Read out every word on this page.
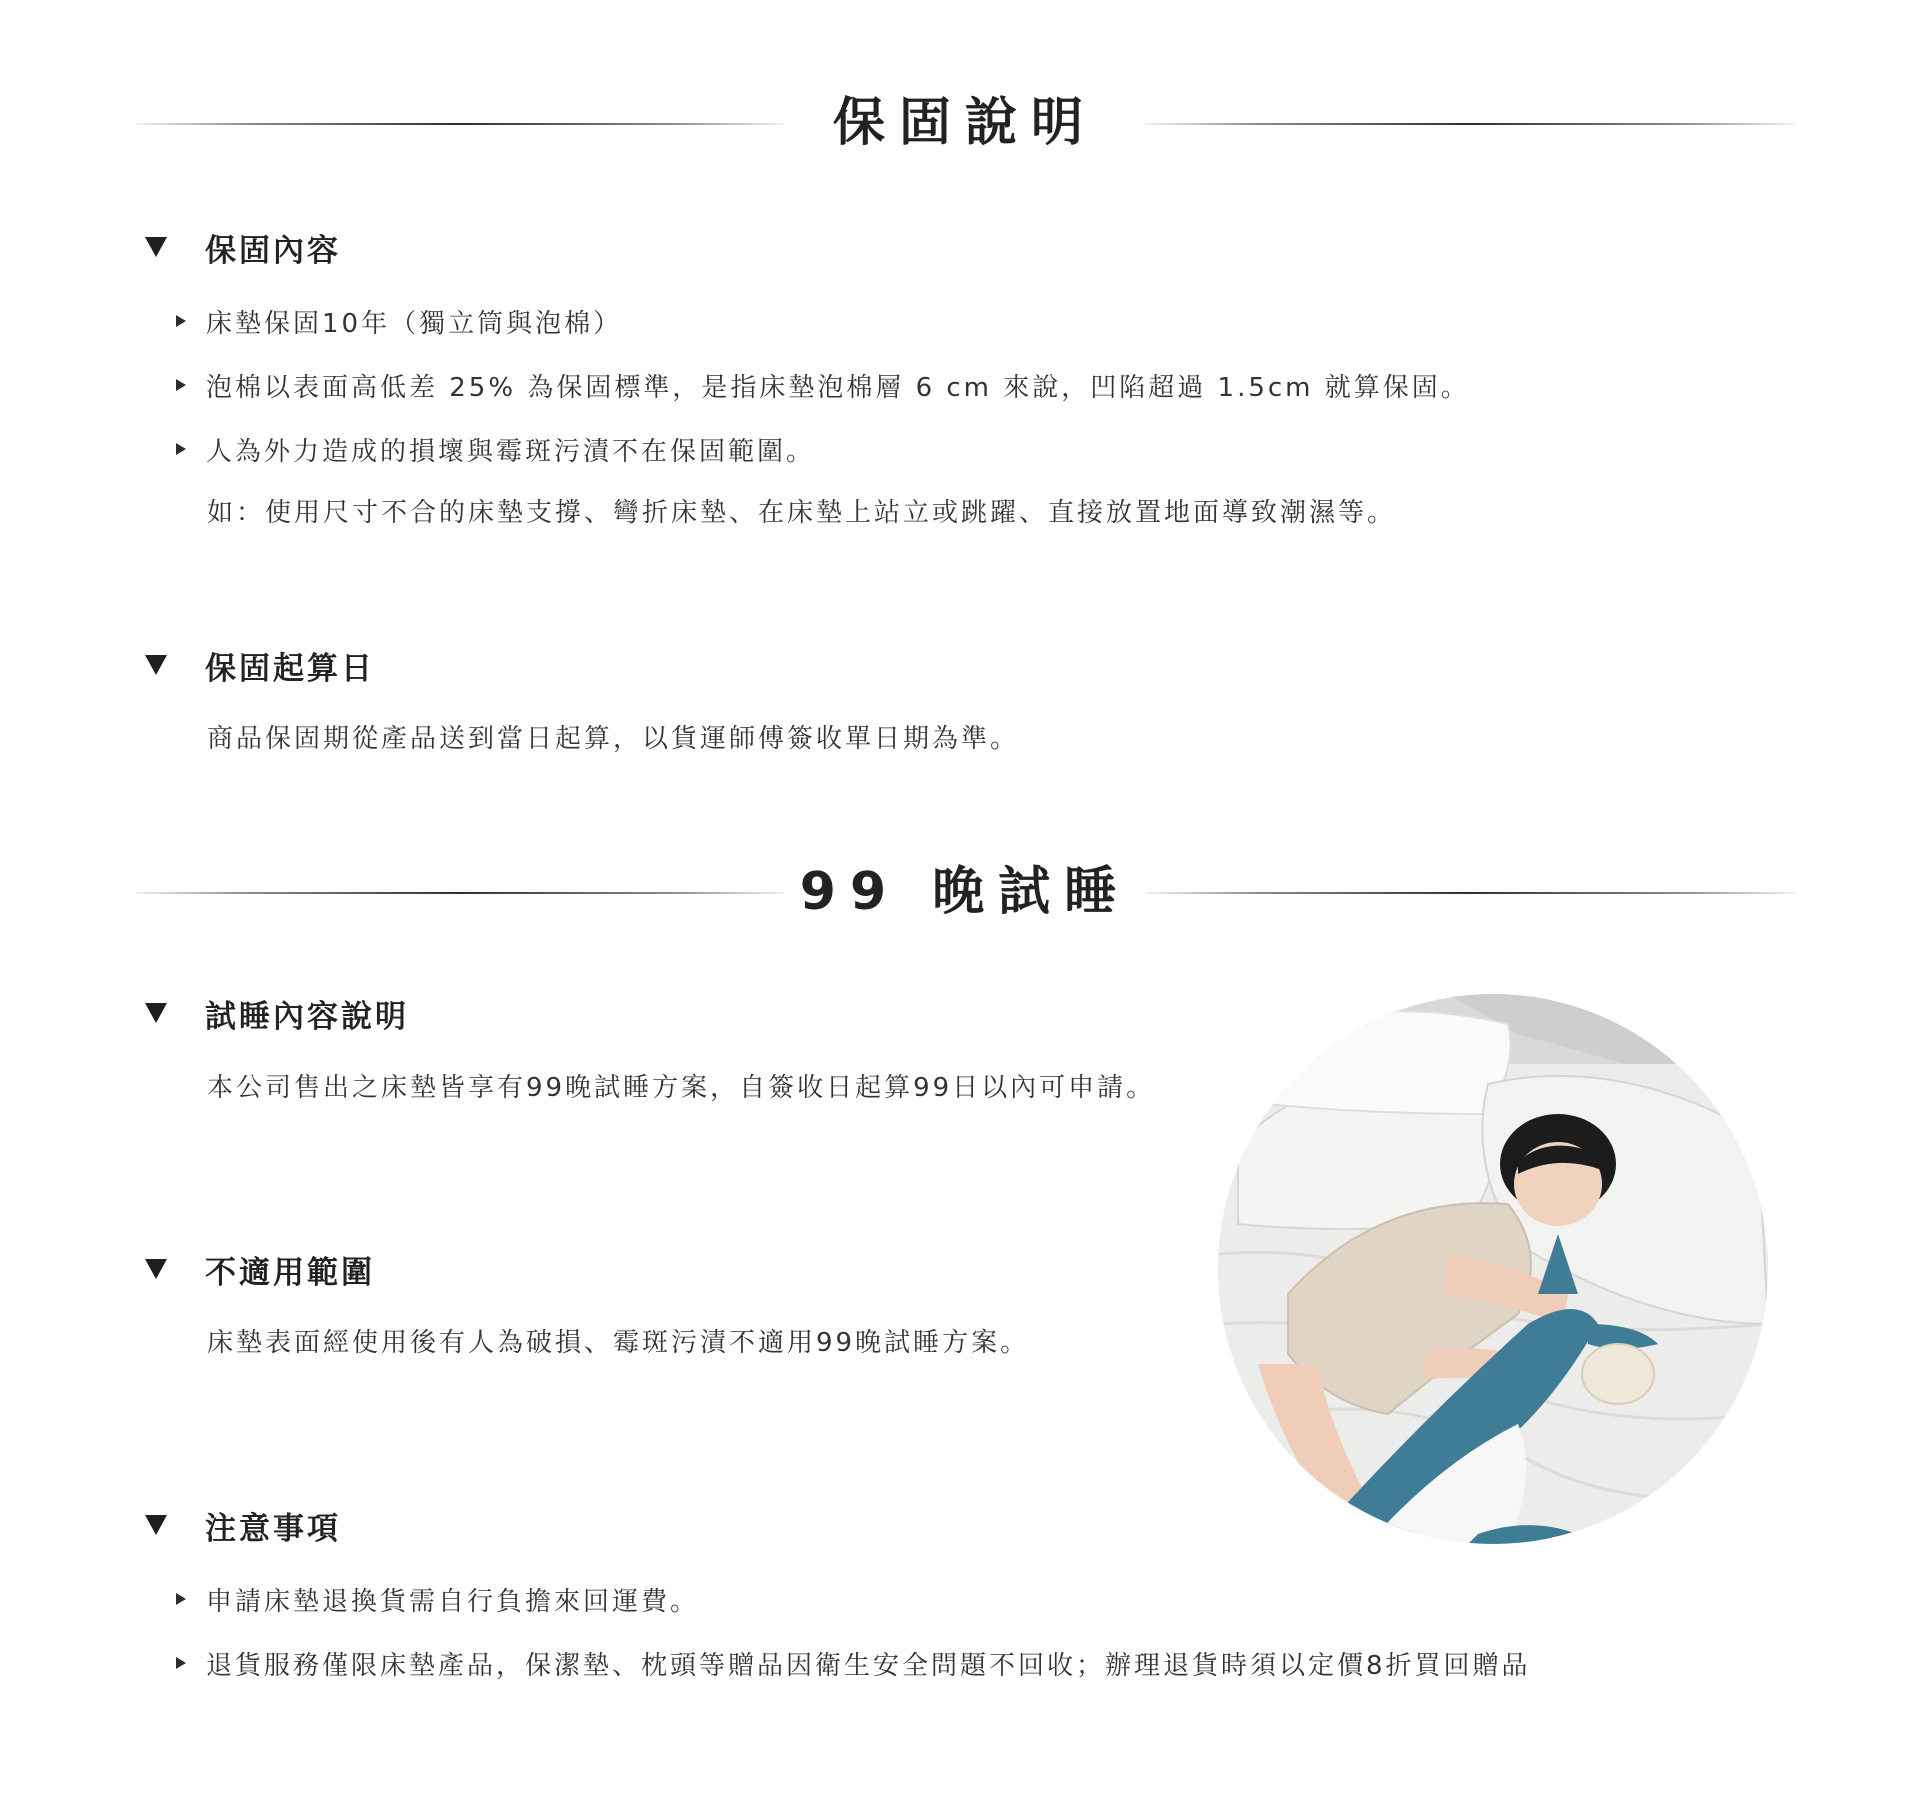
保固說明
保固內容
床墊保固10年（獨立筒與泡棉）
泡棉以表面高低差 25% 為保固標準，是指床墊泡棉層 6 cm 來說，凹陷超過 1.5cm 就算保固。
人為外力造成的損壞與霉斑污漬不在保固範圍。
如：使用尺寸不合的床墊支撐、彎折床墊、在床墊上站立或跳躍、直接放置地面導致潮濕等。
保固起算日
商品保固期從產品送到當日起算，以貨運師傅簽收單日期為準。
99 晚試睡
試睡內容說明
本公司售出之床墊皆享有99晚試睡方案，自簽收日起算99日以內可申請。
不適用範圍
床墊表面經使用後有人為破損、霉斑污漬不適用99晚試睡方案。
注意事項
申請床墊退換貨需自行負擔來回運費。
退貨服務僅限床墊產品，保潔墊、枕頭等贈品因衛生安全問題不回收；辦理退貨時須以定價8折買回贈品
